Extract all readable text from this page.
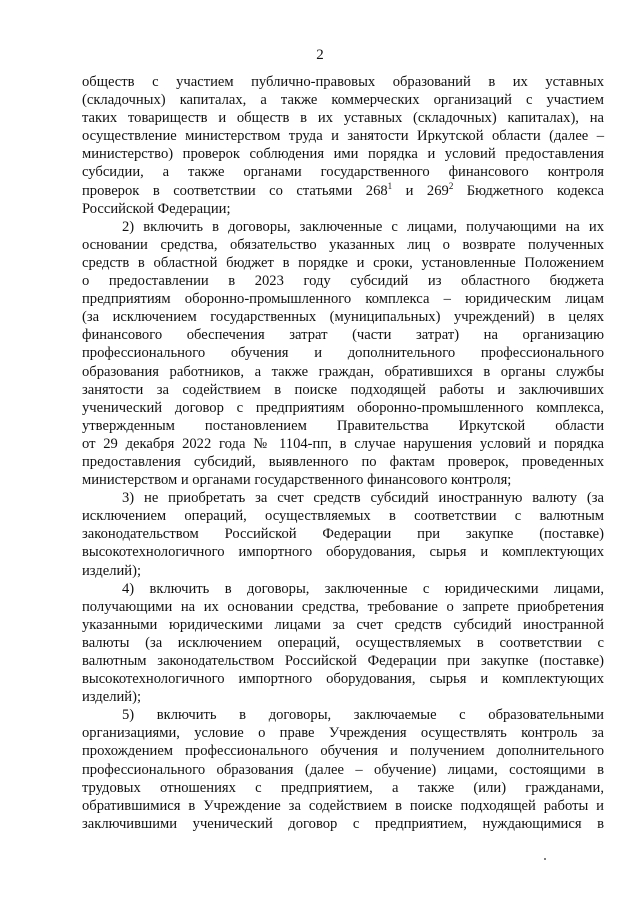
2
обществ с участием публично-правовых образований в их уставных
(складочных) капиталах, а также коммерческих организаций с участием
таких товариществ и обществ в их уставных (складочных) капиталах), на
осуществление министерством труда и занятости Иркутской области (далее –
министерство) проверок соблюдения ими порядка и условий предоставления
субсидии, а также органами государственного финансового контроля
проверок в соответствии со статьями $268^1$ и $269^2$ Бюджетного кодекса
Российской Федерации;
2) включить в договоры, заключенные с лицами, получающими на их
основании средства, обязательство указанных лиц о возврате полученных
средств в областной бюджет в порядке и сроки, установленные Положением
о предоставлении в 2023 году субсидий из областного бюджета
предприятиям оборонно-промышленного комплекса – юридическим лицам
(за исключением государственных (муниципальных) учреждений) в целях
финансового обеспечения затрат (части затрат) на организацию
профессионального обучения и дополнительного профессионального
образования работников, а также граждан, обратившихся в органы службы
занятости за содействием в поиске подходящей работы и заключивших
ученический договор с предприятиям оборонно-промышленного комплекса,
утвержденным постановлением Правительства Иркутской области
от 29 декабря 2022 года № 1104-пп, в случае нарушения условий и порядка
предоставления субсидий, выявленного по фактам проверок, проведенных
министерством и органами государственного финансового контроля;
3) не приобретать за счет средств субсидий иностранную валюту (за
исключением операций, осуществляемых в соответствии с валютным
законодательством Российской Федерации при закупке (поставке)
высокотехнологичного импортного оборудования, сырья и комплектующих
изделий);
4) включить в договоры, заключенные с юридическими лицами,
получающими на их основании средства, требование о запрете приобретения
указанными юридическими лицами за счет средств субсидий иностранной
валюты (за исключением операций, осуществляемых в соответствии с
валютным законодательством Российской Федерации при закупке (поставке)
высокотехнологичного импортного оборудования, сырья и комплектующих
изделий);
5) включить в договоры, заключаемые с образовательными
организациями, условие о праве Учреждения осуществлять контроль за
прохождением профессионального обучения и получением дополнительного
профессионального образования (далее – обучение) лицами, состоящими в
трудовых отношениях с предприятием, а также (или) гражданами,
обратившимися в Учреждение за содействием в поиске подходящей работы и
заключившими ученический договор с предприятием, нуждающимися в
